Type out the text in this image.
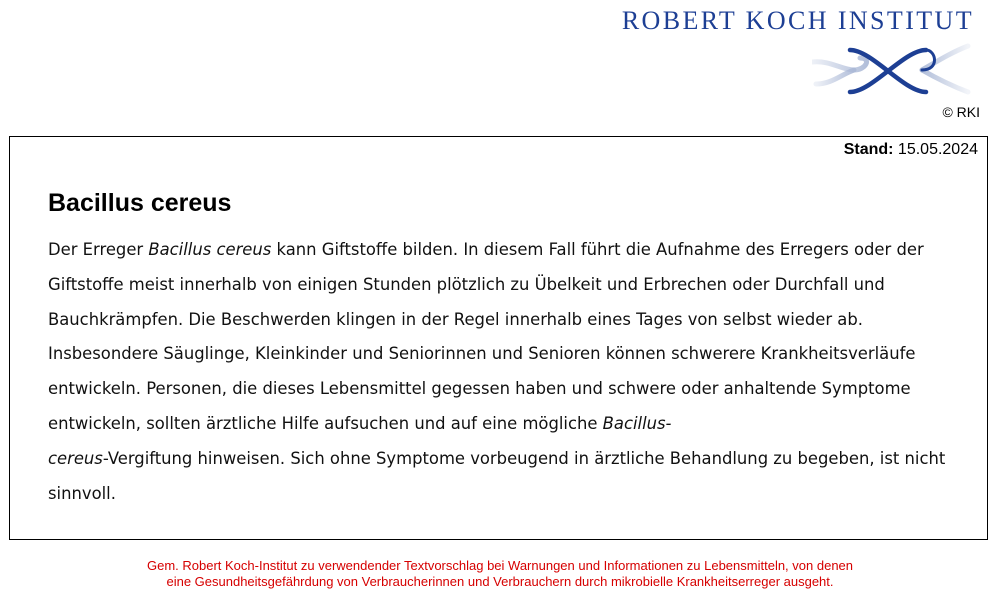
ROBERT KOCH INSTITUT
© RKI
Stand: 15.05.2024
Bacillus cereus

Der Erreger Bacillus cereus kann Giftstoffe bilden. In diesem Fall führt die Aufnahme des Erregers oder der Giftstoffe meist innerhalb von einigen Stunden plötzlich zu Übelkeit und Erbrechen oder Durchfall und Bauchkrämpfen. Die Beschwerden klingen in der Regel innerhalb eines Tages von selbst wieder ab. Insbesondere Säuglinge, Kleinkinder und Seniorinnen und Senioren können schwerere Krankheitsverläufe entwickeln. Personen, die dieses Lebensmittel gegessen haben und schwere oder anhaltende Symptome entwickeln, sollten ärztliche Hilfe aufsuchen und auf eine mögliche Bacillus-
cereus-Vergiftung hinweisen. Sich ohne Symptome vorbeugend in ärztliche Behandlung zu begeben, ist nicht sinnvoll.

Gem. Robert Koch-Institut zu verwendender Textvorschlag bei Warnungen und Informationen zu Lebensmitteln, von denen
eine Gesundheitsgefährdung von Verbraucherinnen und Verbrauchern durch mikrobielle Krankheitserreger ausgeht.
